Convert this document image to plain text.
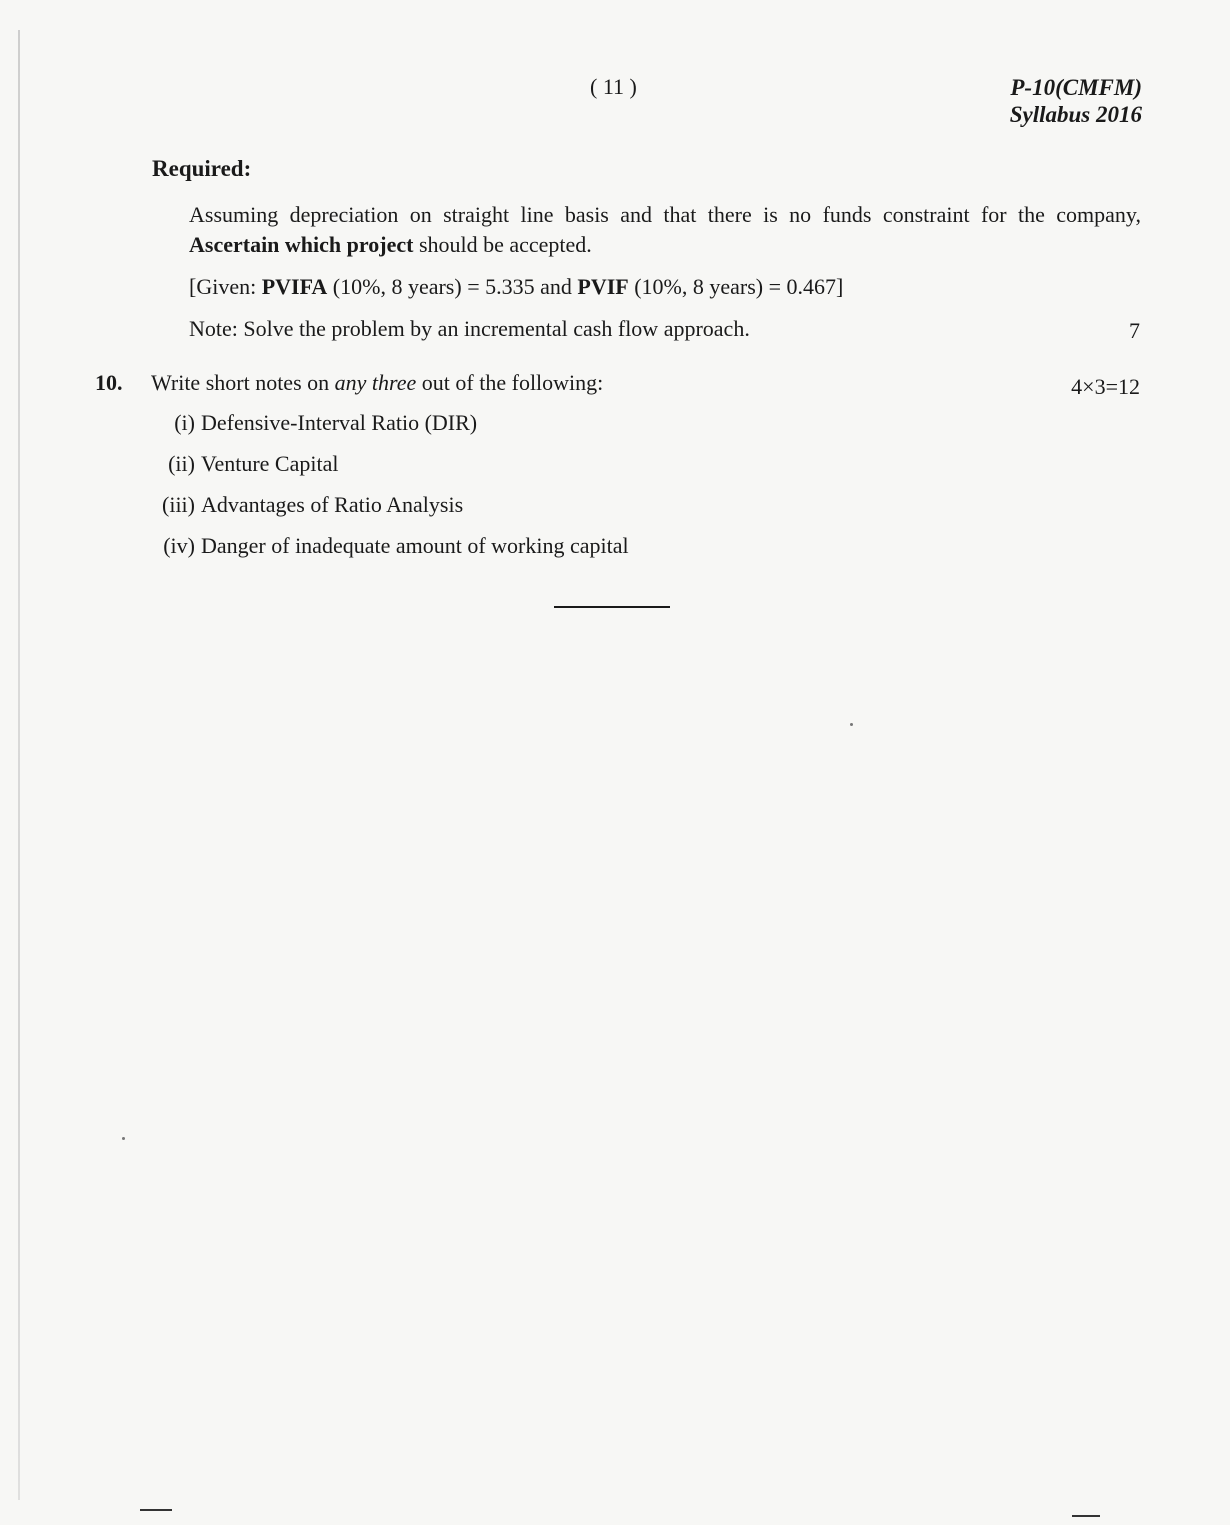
( 11 )	P-10(CMFM)
Syllabus 2016
Required:
Assuming depreciation on straight line basis and that there is no funds constraint for the company, Ascertain which project should be accepted.
[Given: PVIFA (10%, 8 years) = 5.335 and PVIF (10%, 8 years) = 0.467]
Note: Solve the problem by an incremental cash flow approach.	7
10. Write short notes on any three out of the following:	4×3=12
(i) Defensive-Interval Ratio (DIR)
(ii) Venture Capital
(iii) Advantages of Ratio Analysis
(iv) Danger of inadequate amount of working capital
